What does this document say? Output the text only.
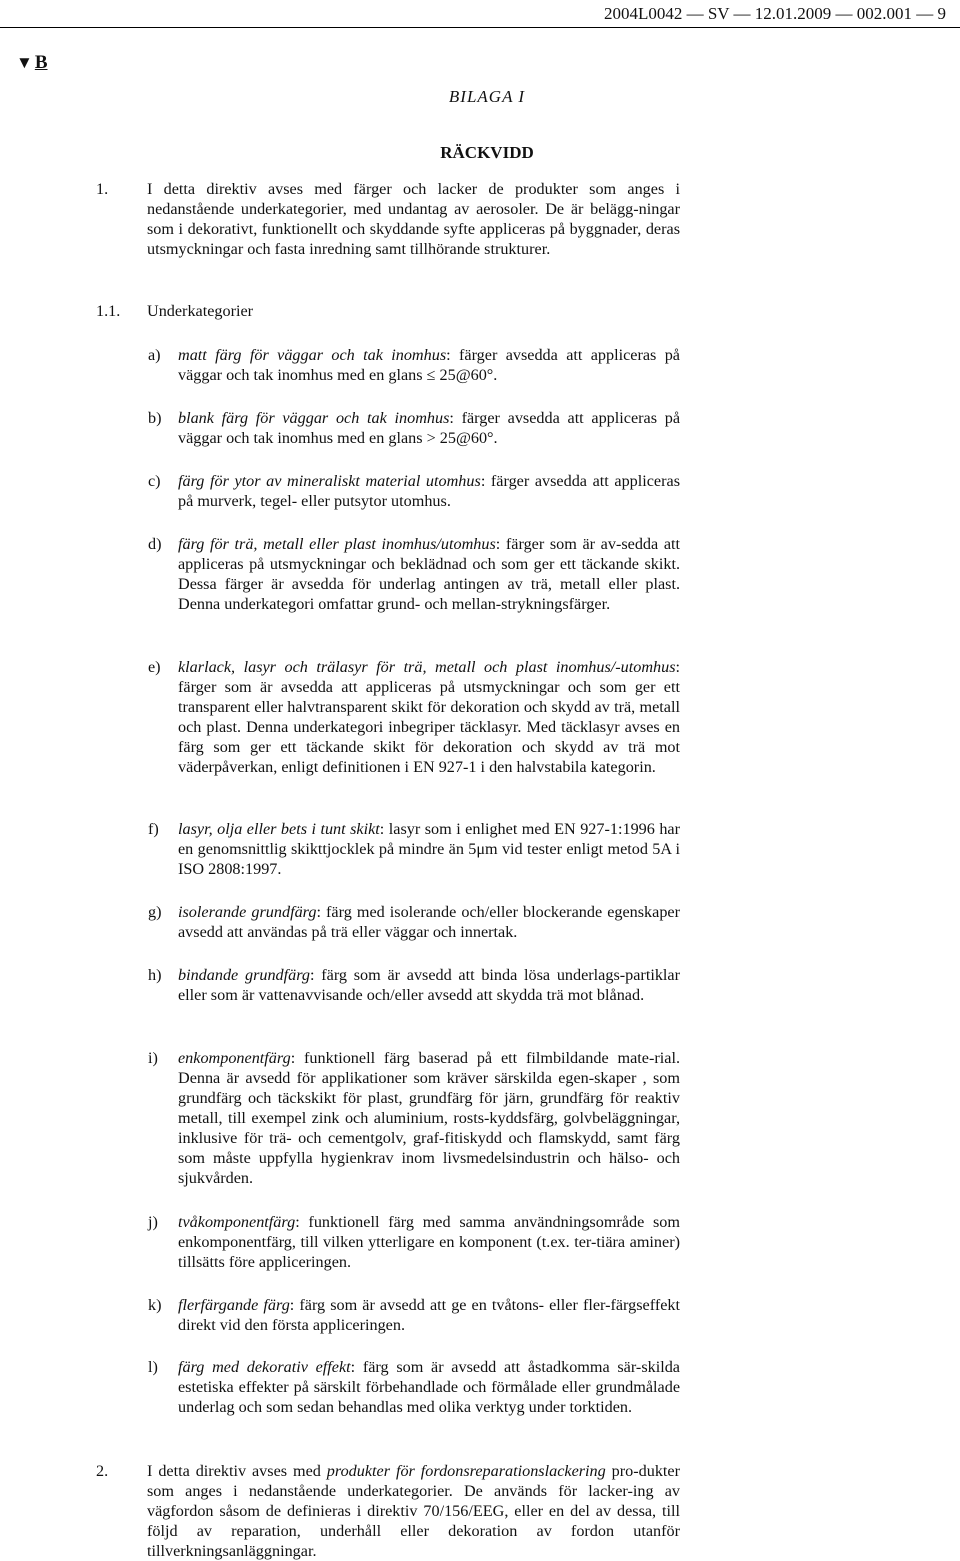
2004L0042 — SV — 12.01.2009 — 002.001 — 9
▼ B
BILAGA I
RÄCKVIDD
1. I detta direktiv avses med färger och lacker de produkter som anges i nedanstående underkategorier, med undantag av aerosoler. De är belägg-ningar som i dekorativt, funktionellt och skyddande syfte appliceras på byggnader, deras utsmyckningar och fasta inredning samt tillhörande strukturer.
1.1. Underkategorier
a) matt färg för väggar och tak inomhus: färger avsedda att appliceras på väggar och tak inomhus med en glans ≤ 25@60°.
b) blank färg för väggar och tak inomhus: färger avsedda att appliceras på väggar och tak inomhus med en glans > 25@60°.
c) färg för ytor av mineraliskt material utomhus: färger avsedda att appliceras på murverk, tegel- eller putsytor utomhus.
d) färg för trä, metall eller plast inomhus/utomhus: färger som är av-sedda att appliceras på utsmyckningar och beklädnad och som ger ett täckande skikt. Dessa färger är avsedda för underlag antingen av trä, metall eller plast. Denna underkategori omfattar grund- och mellan-strykningsfärger.
e) klarlack, lasyr och trälasyr för trä, metall och plast inomhus/-utomhus: färger som är avsedda att appliceras på utsmyckningar och som ger ett transparent eller halvtransparent skikt för dekoration och skydd av trä, metall och plast. Denna underkategori inbegriper täcklasyr. Med täcklasyr avses en färg som ger ett täckande skikt för dekoration och skydd av trä mot väderpåverkan, enligt definitionen i EN 927-1 i den halvstabila kategorin.
f) lasyr, olja eller bets i tunt skikt: lasyr som i enlighet med EN 927-1:1996 har en genomsnittlig skikttjocklek på mindre än 5μm vid tester enligt metod 5A i ISO 2808:1997.
g) isolerande grundfärg: färg med isolerande och/eller blockerande egenskaper avsedd att användas på trä eller väggar och innertak.
h) bindande grundfärg: färg som är avsedd att binda lösa underlags-partiklar eller som är vattenavvisande och/eller avsedd att skydda trä mot blånad.
i) enkomponentfärg: funktionell färg baserad på ett filmbildande mate-rial. Denna är avsedd för applikationer som kräver särskilda egen-skaper , som grundfärg och täckskikt för plast, grundfärg för järn, grundfärg för reaktiv metall, till exempel zink och aluminium, rosts-kyddsfärg, golvbeläggningar, inklusive för trä- och cementgolv, graf-fitiskydd och flamskydd, samt färg som måste uppfylla hygienkrav inom livsmedelsindustrin och hälso- och sjukvården.
j) tvåkomponentfärg: funktionell färg med samma användningsområde som enkomponentfärg, till vilken ytterligare en komponent (t.ex. ter-tiära aminer) tillsätts före appliceringen.
k) flerfärgande färg: färg som är avsedd att ge en tvåtons- eller fler-färgseffekt direkt vid den första appliceringen.
l) färg med dekorativ effekt: färg som är avsedd att åstadkomma sär-skilda estetiska effekter på särskilt förbehandlade och förmålade eller grundmålade underlag och som sedan behandlas med olika verktyg under torktiden.
2. I detta direktiv avses med produkter för fordonsreparationslackering pro-dukter som anges i nedanstående underkategorier. De används för lacker-ing av vägfordon såsom de definieras i direktiv 70/156/EEG, eller en del av dessa, till följd av reparation, underhåll eller dekoration av fordon utanför tillverkningsanläggningar.
